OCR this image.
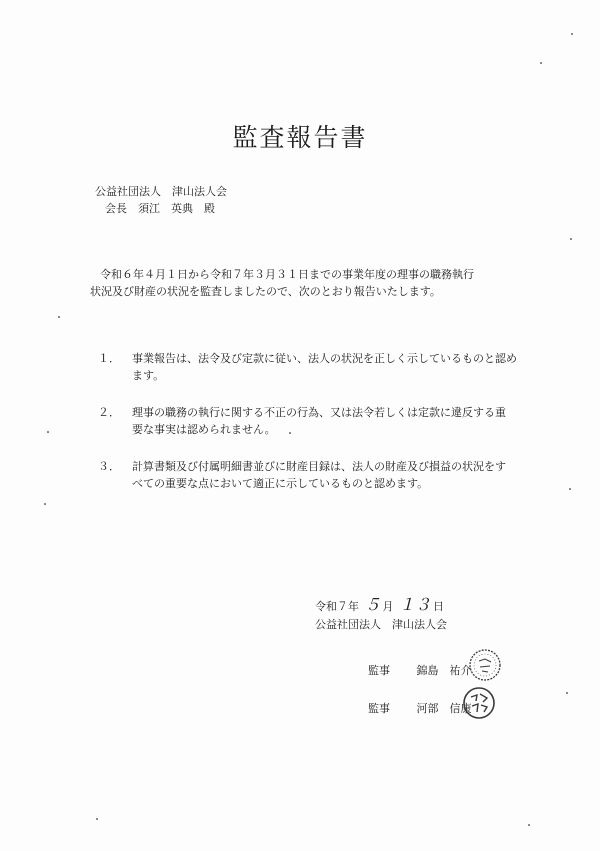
監査報告書
公益社団法人　津山法人会
会長　須江　英典　殿
令和６年４月１日から令和７年３月３１日までの事業年度の理事の職務執行
状況及び財産の状況を監査しましたので、次のとおり報告いたします。
１．	事業報告は、法令及び定款に従い、法人の状況を正しく示しているものと認め
ます。
２．	理事の職務の執行に関する不正の行為、又は法令若しくは定款に違反する重
要な事実は認められません。
３．	計算書類及び付属明細書並びに財産目録は、法人の財産及び損益の状況をす
べての重要な点において適正に示しているものと認めます。
令和７年 ５ 月 １３ 日
公益社団法人　津山法人会
監事 錦島　祐介
監事 河部　信康
